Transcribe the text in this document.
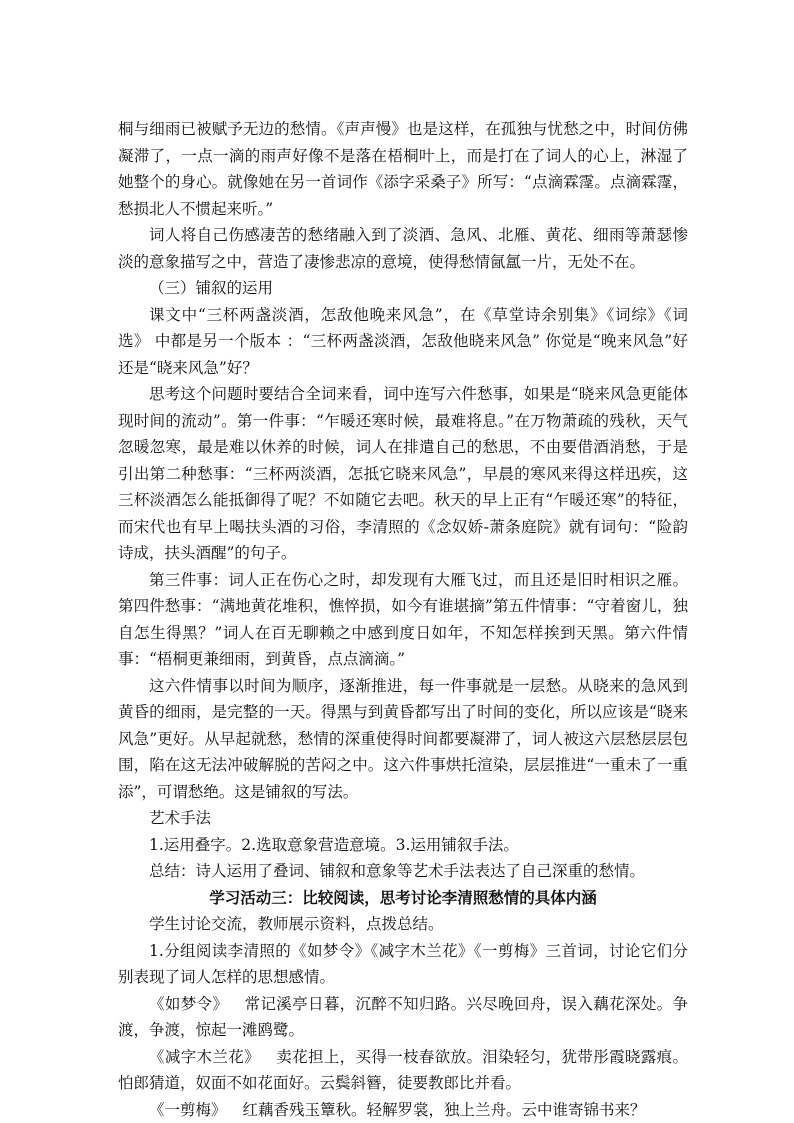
桐与细雨已被赋予无边的愁情。《声声慢》也是这样，在孤独与忧愁之中，时间仿佛凝滞了，一点一滴的雨声好像不是落在梧桐叶上，而是打在了词人的心上，淋湿了她整个的身心。就像她在另一首词作《添字采桑子》所写：“点滴霖霪。点滴霖霪，愁损北人不惯起来听。”

词人将自己伤感凄苦的愁绪融入到了淡酒、急风、北雁、黄花、细雨等萧瑟惨淡的意象描写之中，营造了凄惨悲凉的意境，使得愁情氤氲一片，无处不在。

（三）铺叙的运用

课文中“三杯两盏淡酒，怎敌他晚来风急”，在《草堂诗余别集》《词综》《词选》 中都是另一个版本 ：“三杯两盏淡酒，怎敌他晓来风急” 你觉是“晚来风急”好还是“晓来风急”好？

思考这个问题时要结合全词来看，词中连写六件愁事，如果是“晓来风急更能体现时间的流动”。第一件事：“乍暖还寒时候，最难将息。”在万物萧疏的残秋，天气忽暖忽寒，最是难以休养的时候，词人在排遣自己的愁思，不由要借酒消愁，于是引出第二种愁事：“三杯两淡酒，怎抵它晓来风急”，早晨的寒风来得这样迅疾，这三杯淡酒怎么能抵御得了呢？不如随它去吧。秋天的早上正有“乍暖还寒”的特征，而宋代也有早上喝扶头酒的习俗，李清照的《念奴娇-萧条庭院》就有词句：“险韵诗成，扶头酒醒”的句子。

第三件事：词人正在伤心之时，却发现有大雁飞过，而且还是旧时相识之雁。第四件愁事：“满地黄花堆积，憔悴损，如今有谁堪摘”第五件情事：“守着窗儿，独自怎生得黑？”词人在百无聊赖之中感到度日如年，不知怎样挨到天黑。第六件情事：“梧桐更兼细雨，到黄昏，点点滴滴。”

这六件情事以时间为顺序，逐渐推进，每一件事就是一层愁。从晓来的急风到黄昏的细雨，是完整的一天。得黑与到黄昏都写出了时间的变化，所以应该是“晓来风急”更好。从早起就愁，愁情的深重使得时间都要凝滞了，词人被这六层愁层层包围，陷在这无法冲破解脱的苦闷之中。这六件事烘托渲染，层层推进“一重未了一重添”，可谓愁绝。这是铺叙的写法。

艺术手法

1.运用叠字。2.选取意象营造意境。3.运用铺叙手法。

总结：诗人运用了叠词、铺叙和意象等艺术手法表达了自己深重的愁情。

学习活动三：比较阅读，思考讨论李清照愁情的具体内涵

学生讨论交流，教师展示资料，点拨总结。

1.分组阅读李清照的《如梦令》《减字木兰花》《一剪梅》三首词，讨论它们分别表现了词人怎样的思想感情。

《如梦令》 常记溪亭日暮，沉醉不知归路。兴尽晚回舟，误入藕花深处。争渡，争渡，惊起一滩鸥鹭。

《减字木兰花》 卖花担上，买得一枝春欲放。泪染轻匀，犹带彤霞晓露痕。 怕郎猜道，奴面不如花面好。云鬓斜簪，徒要教郎比并看。

《一剪梅》 红藕香残玉簟秋。轻解罗裳，独上兰舟。云中谁寄锦书来？
